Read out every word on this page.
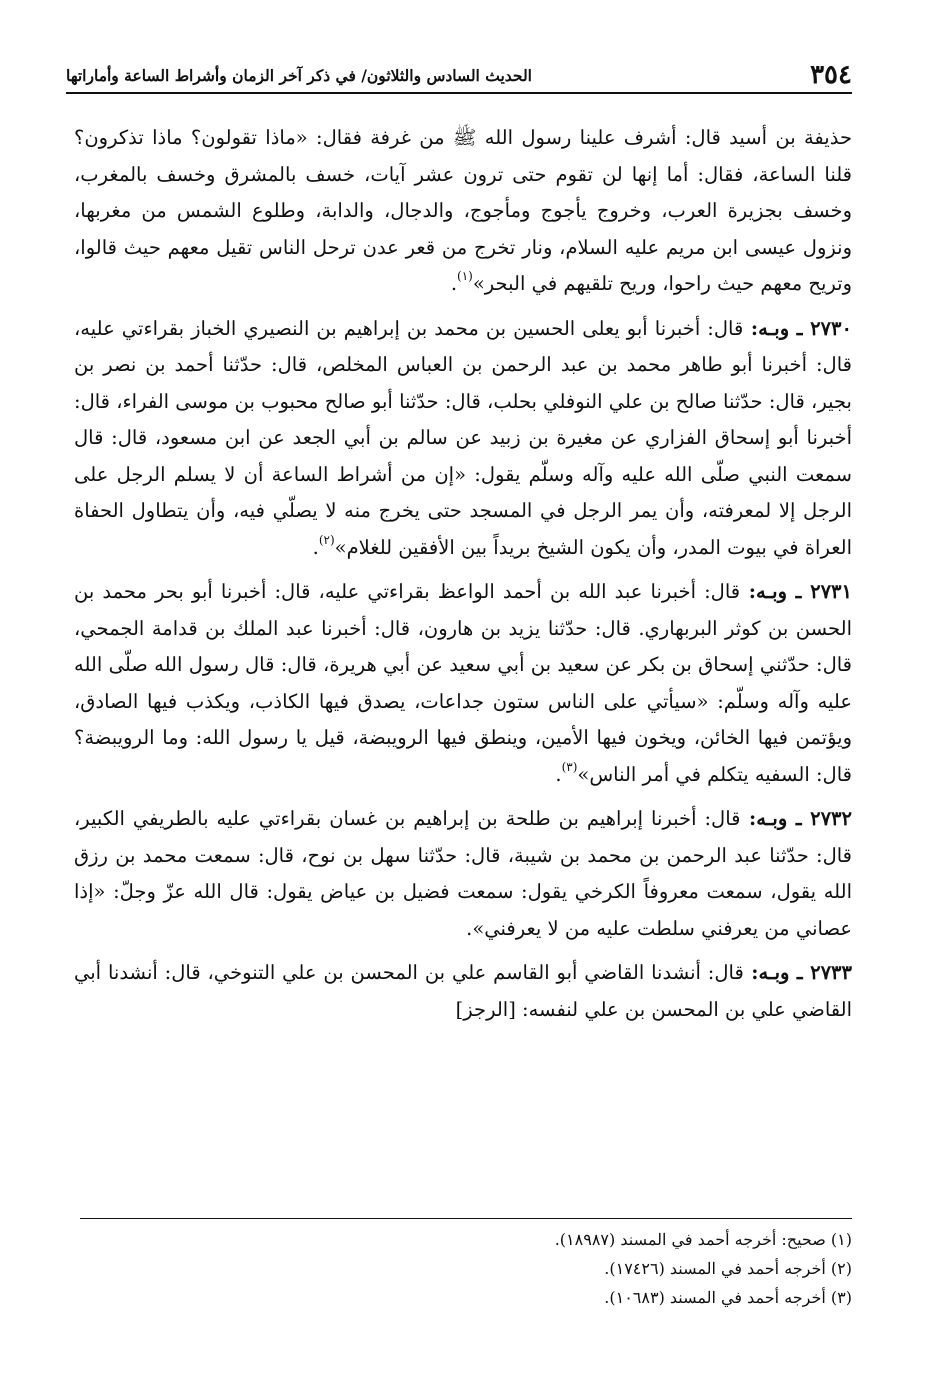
٣٥٤
الحديث السادس والثلاثون/ في ذكر آخر الزمان وأشراط الساعة وأماراتها

حذيفة بن أسيد قال: أشرف علينا رسول الله ﷺ من غرفة فقال: «ماذا تقولون؟ ماذا تذكرون؟ قلنا الساعة، فقال: أما إنها لن تقوم حتى ترون عشر آيات، خسف بالمشرق وخسف بالمغرب، وخسف بجزيرة العرب، وخروج يأجوج ومأجوج، والدجال، والدابة، وطلوع الشمس من مغربها، ونزول عيسى ابن مريم عليه السلام، ونار تخرج من قعر عدن ترحل الناس تقيل معهم حيث قالوا، وتريح معهم حيث راحوا، وريح تلقيهم في البحر»$^{(١)}$.

٢٧٣٠ ـ وبـه: قال: أخبرنا أبو يعلى الحسين بن محمد بن إبراهيم بن النصيري الخباز بقراءتي عليه، قال: أخبرنا أبو طاهر محمد بن عبد الرحمن بن العباس المخلص، قال: حدّثنا أحمد بن نصر بن بجير، قال: حدّثنا صالح بن علي النوفلي بحلب، قال: حدّثنا أبو صالح محبوب بن موسى الفراء، قال: أخبرنا أبو إسحاق الفزاري عن مغيرة بن زبيد عن سالم بن أبي الجعد عن ابن مسعود، قال: قال سمعت النبي صلّى الله عليه وآله وسلّم يقول: «إن من أشراط الساعة أن لا يسلم الرجل على الرجل إلا لمعرفته، وأن يمر الرجل في المسجد حتى يخرج منه لا يصلّي فيه، وأن يتطاول الحفاة العراة في بيوت المدر، وأن يكون الشيخ بريداً بين الأفقين للغلام»$^{(٢)}$.

٢٧٣١ ـ وبـه: قال: أخبرنا عبد الله بن أحمد الواعظ بقراءتي عليه، قال: أخبرنا أبو بحر محمد بن الحسن بن كوثر البربهاري. قال: حدّثنا يزيد بن هارون، قال: أخبرنا عبد الملك بن قدامة الجمحي، قال: حدّثني إسحاق بن بكر عن سعيد بن أبي سعيد عن أبي هريرة، قال: قال رسول الله صلّى الله عليه وآله وسلّم: «سيأتي على الناس ستون جداعات، يصدق فيها الكاذب، ويكذب فيها الصادق، ويؤتمن فيها الخائن، ويخون فيها الأمين، وينطق فيها الرويبضة، قيل يا رسول الله: وما الرويبضة؟ قال: السفيه يتكلم في أمر الناس»$^{(٣)}$.

٢٧٣٢ ـ وبـه: قال: أخبرنا إبراهيم بن طلحة بن إبراهيم بن غسان بقراءتي عليه بالطريفي الكبير، قال: حدّثنا عبد الرحمن بن محمد بن شيبة، قال: حدّثنا سهل بن نوح، قال: سمعت محمد بن رزق الله يقول، سمعت معروفاً الكرخي يقول: سمعت فضيل بن عياض يقول: قال الله عزّ وجلّ: «إذا عصاني من يعرفني سلطت عليه من لا يعرفني».

٢٧٣٣ ـ وبـه: قال: أنشدنا القاضي أبو القاسم علي بن المحسن بن علي التنوخي، قال: أنشدنا أبي القاضي علي بن المحسن بن علي لنفسه: [الرجز]

(١) صحيح: أخرجه أحمد في المسند (١٨٩٨٧).
(٢) أخرجه أحمد في المسند (١٧٤٢٦).
(٣) أخرجه أحمد في المسند (١٠٦٨٣).
